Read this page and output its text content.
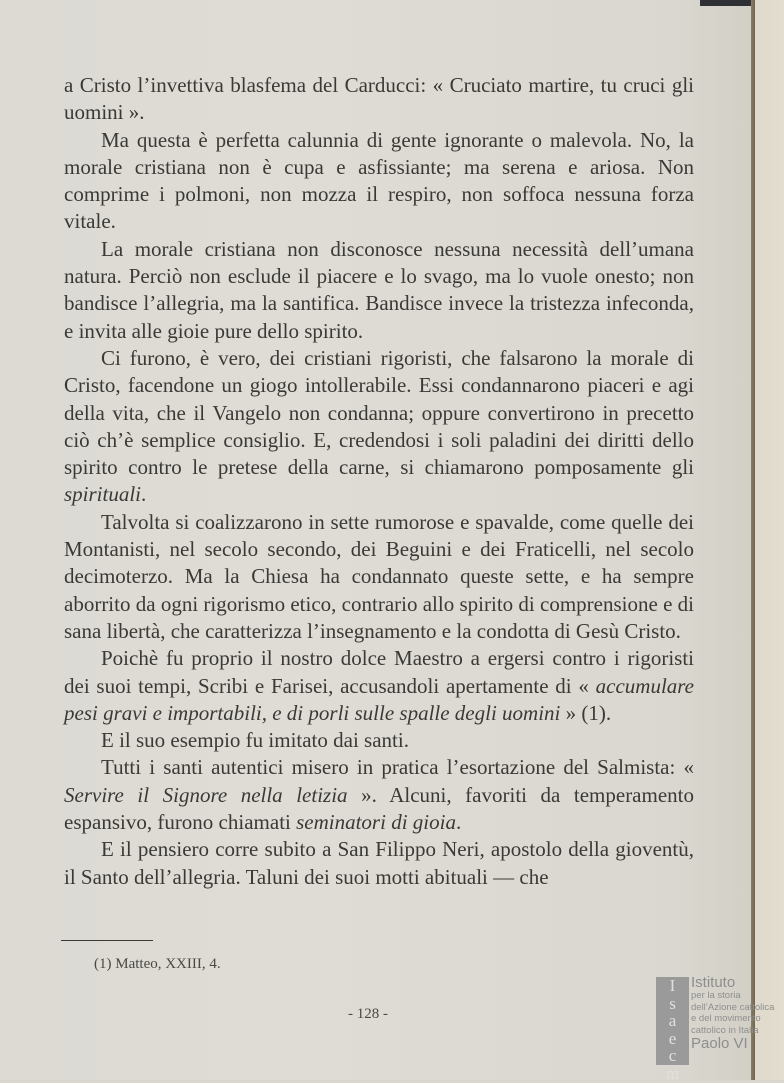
a Cristo l’invettiva blasfema del Carducci: « Cruciato martire, tu cruci gli uomini ».

Ma questa è perfetta calunnia di gente ignorante o malevola. No, la morale cristiana non è cupa e asfissiante; ma serena e ariosa. Non comprime i polmoni, non mozza il respiro, non soffoca nessuna forza vitale.

La morale cristiana non disconosce nessuna necessità dell’umana natura. Perciò non esclude il piacere e lo svago, ma lo vuole onesto; non bandisce l’allegria, ma la santifica. Bandisce invece la tristezza infeconda, e invita alle gioie pure dello spirito.

Ci furono, è vero, dei cristiani rigoristi, che falsarono la morale di Cristo, facendone un giogo intollerabile. Essi condannarono piaceri e agi della vita, che il Vangelo non condanna; oppure convertirono in precetto ciò ch’è semplice consiglio. E, credendosi i soli paladini dei diritti dello spirito contro le pretese della carne, si chiamarono pomposamente gli spirituali.

Talvolta si coalizzarono in sette rumorose e spavalde, come quelle dei Montanisti, nel secolo secondo, dei Beguini e dei Fraticelli, nel secolo decimoterzo. Ma la Chiesa ha condannato queste sette, e ha sempre aborrito da ogni rigorismo etico, contrario allo spirito di comprensione e di sana libertà, che caratterizza l’insegnamento e la condotta di Gesù Cristo.

Poichè fu proprio il nostro dolce Maestro a ergersi contro i rigoristi dei suoi tempi, Scribi e Farisei, accusandoli apertamente di « accumulare pesi gravi e importabili, e di porli sulle spalle degli uomini » (1).

E il suo esempio fu imitato dai santi.

Tutti i santi autentici misero in pratica l’esortazione del Salmista: « Servire il Signore nella letizia ». Alcuni, favoriti da temperamento espansivo, furono chiamati seminatori di gioia.

E il pensiero corre subito a San Filippo Neri, apostolo della gioventù, il Santo dell’allegria. Taluni dei suoi motti abituali — che

(1) Matteo, XXIII, 4.
- 128 -
I
s
a
e
c
m
Istituto
per la storia
dell’Azione cattolica
e del movimento
cattolico in Italia
Paolo VI
